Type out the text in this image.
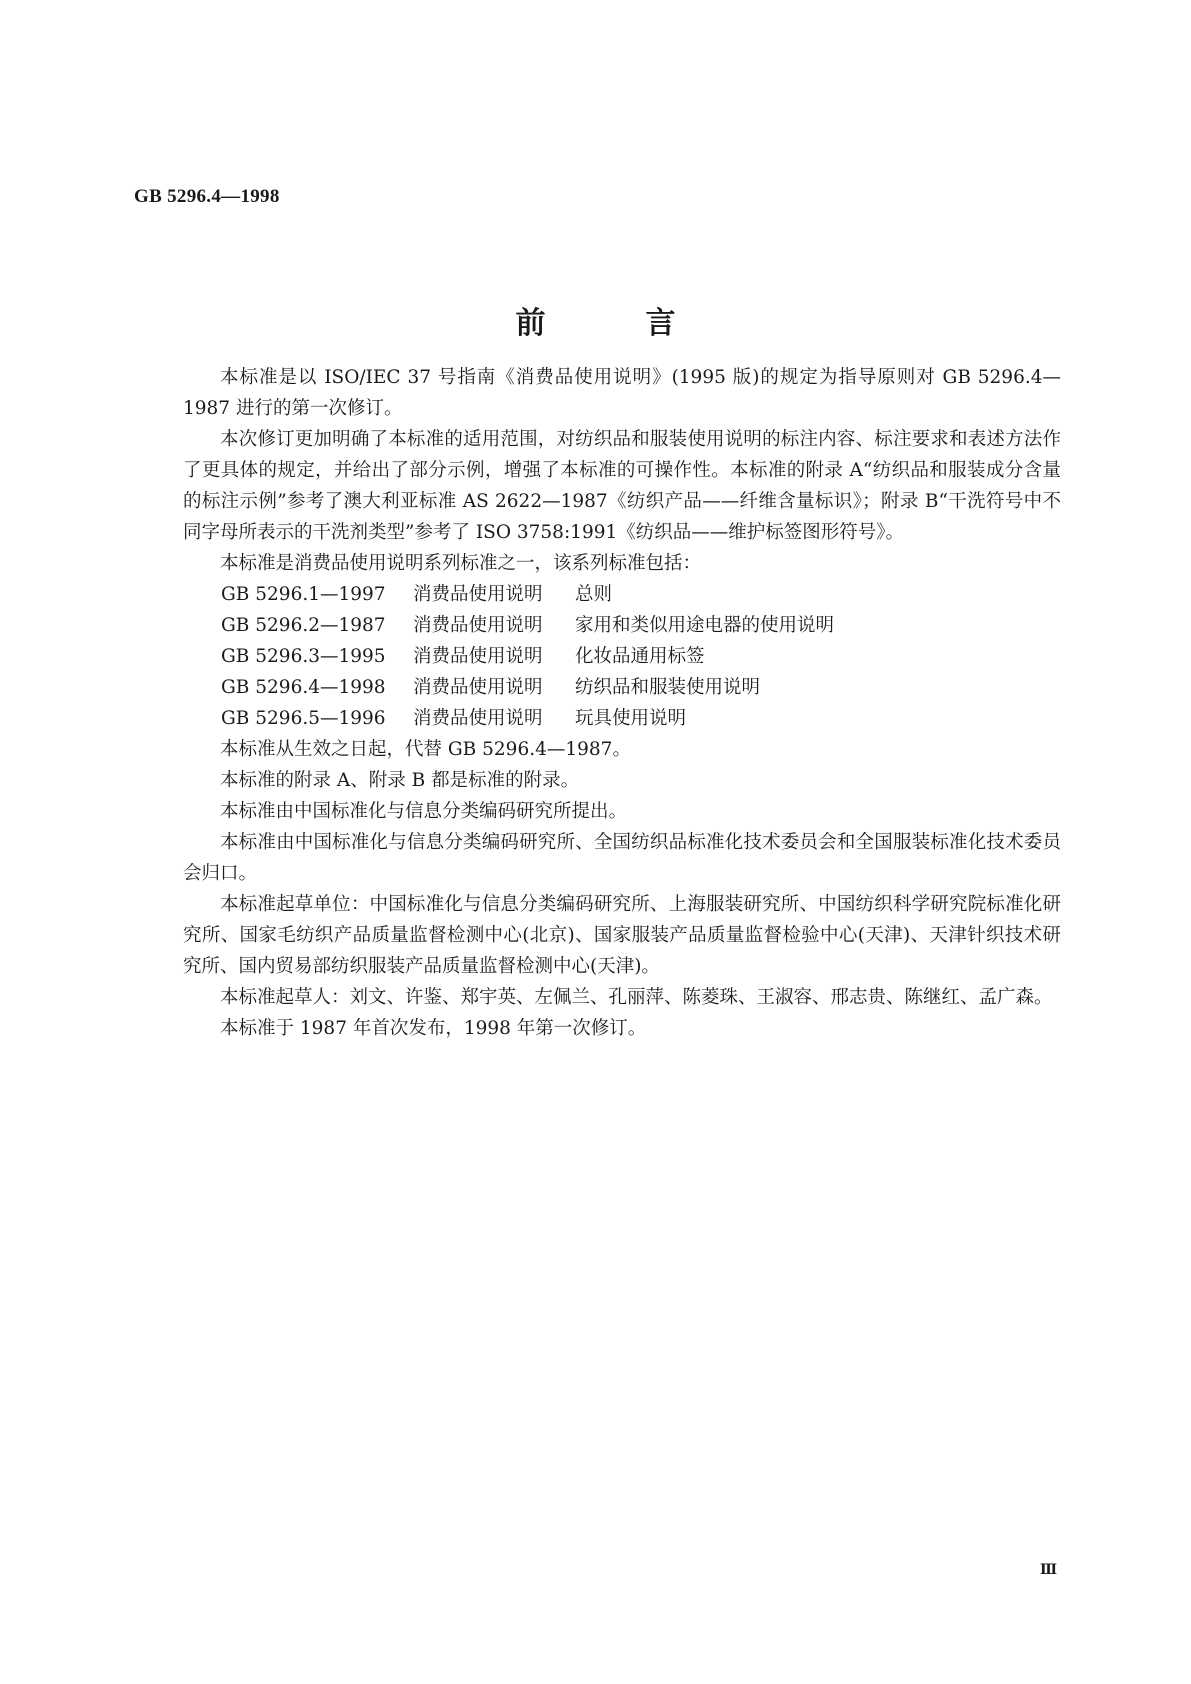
GB 5296.4—1998
前	言

本标准是以 ISO/IEC 37 号指南《消费品使用说明》(1995 版)的规定为指导原则对 GB 5296.4—1987 进行的第一次修订。

本次修订更加明确了本标准的适用范围，对纺织品和服装使用说明的标注内容、标注要求和表述方法作了更具体的规定，并给出了部分示例，增强了本标准的可操作性。本标准的附录 A“纺织品和服装成分含量的标注示例”参考了澳大利亚标准 AS 2622—1987《纺织产品——纤维含量标识》；附录 B“干洗符号中不同字母所表示的干洗剂类型”参考了 ISO 3758:1991《纺织品——维护标签图形符号》。

本标准是消费品使用说明系列标准之一，该系列标准包括：

GB 5296.1—1997	消费品使用说明	总则
GB 5296.2—1987	消费品使用说明	家用和类似用途电器的使用说明
GB 5296.3—1995	消费品使用说明	化妆品通用标签
GB 5296.4—1998	消费品使用说明	纺织品和服装使用说明
GB 5296.5—1996	消费品使用说明	玩具使用说明

本标准从生效之日起，代替 GB 5296.4—1987。

本标准的附录 A、附录 B 都是标准的附录。

本标准由中国标准化与信息分类编码研究所提出。

本标准由中国标准化与信息分类编码研究所、全国纺织品标准化技术委员会和全国服装标准化技术委员会归口。

本标准起草单位：中国标准化与信息分类编码研究所、上海服装研究所、中国纺织科学研究院标准化研究所、国家毛纺织产品质量监督检测中心(北京)、国家服装产品质量监督检验中心(天津)、天津针织技术研究所、国内贸易部纺织服装产品质量监督检测中心(天津)。

本标准起草人：刘文、许鉴、郑宇英、左佩兰、孔丽萍、陈菱珠、王淑容、邢志贵、陈继红、孟广森。

本标准于 1987 年首次发布，1998 年第一次修订。

Ⅲ
